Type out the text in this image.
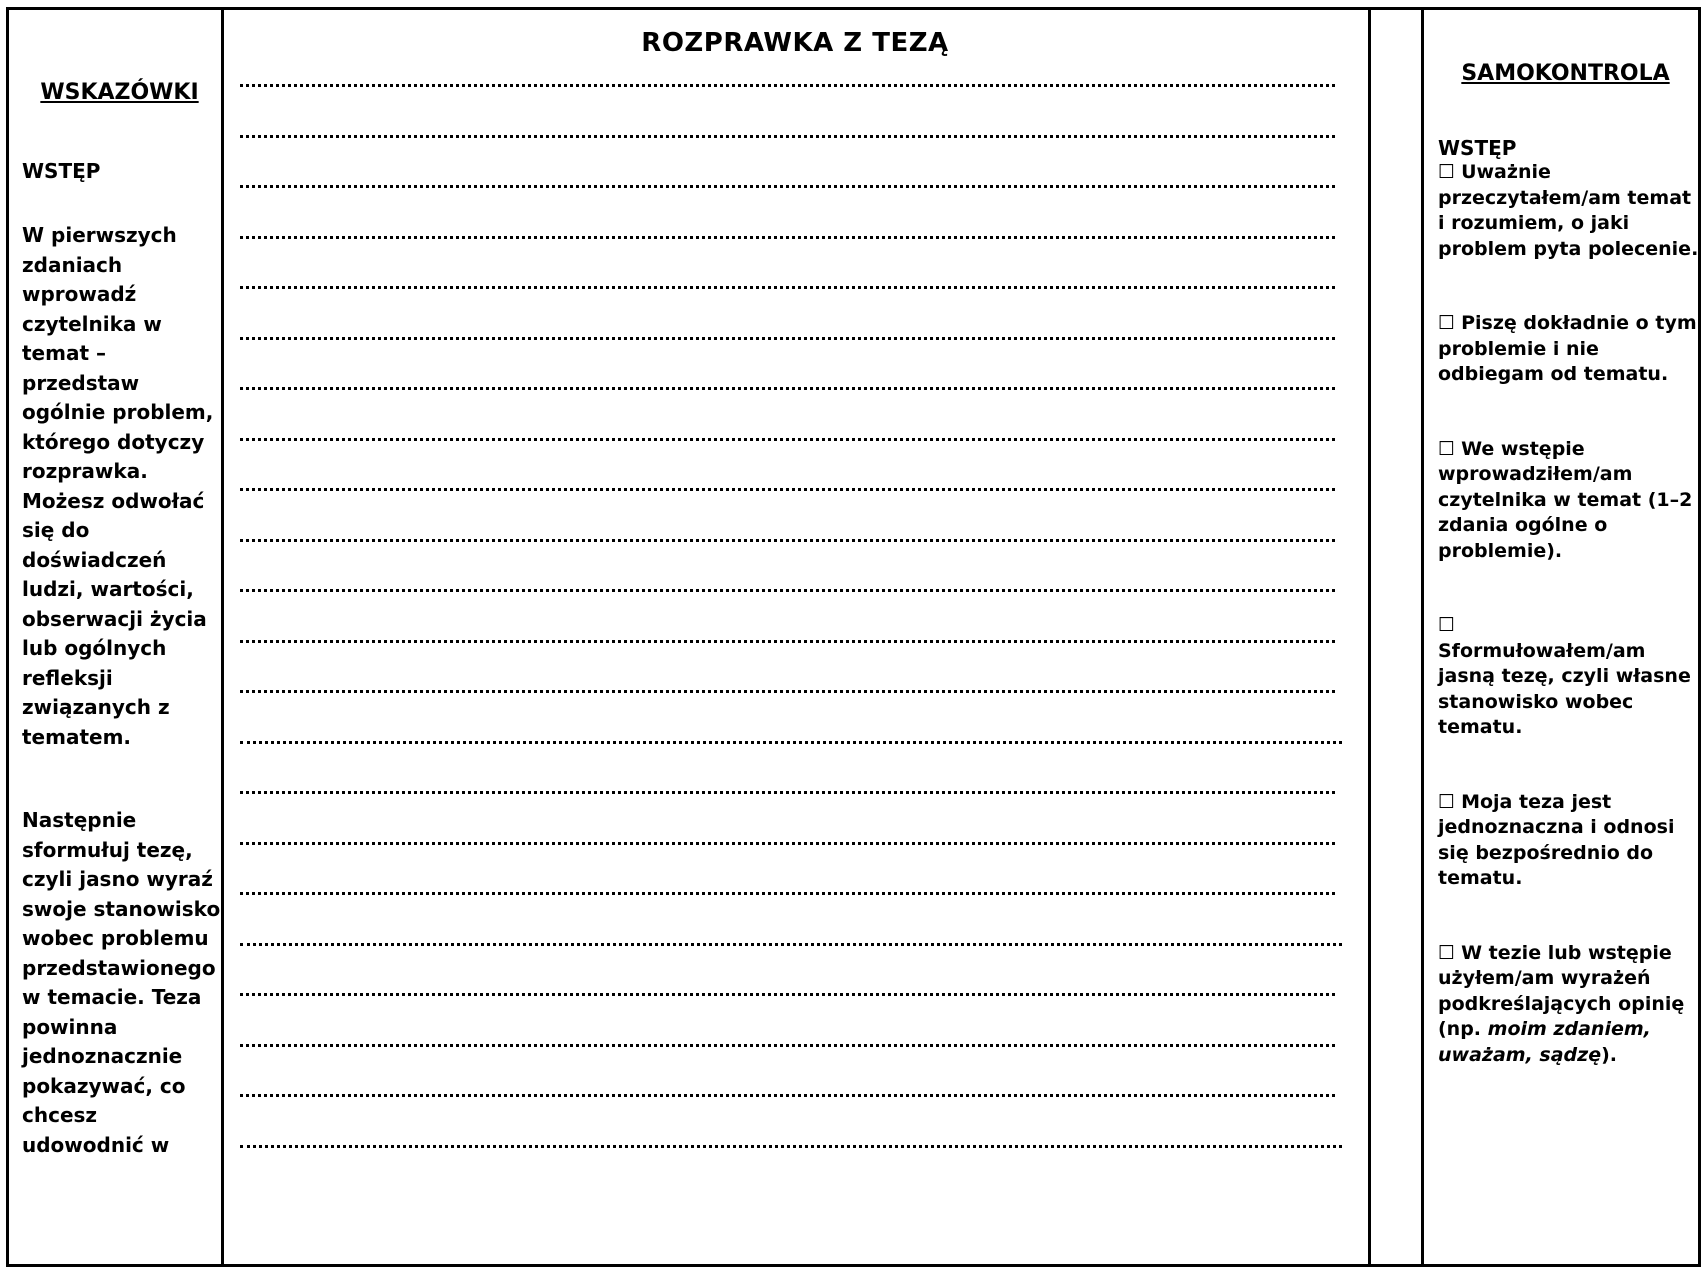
WSKAZÓWKI
WSTĘP
W pierwszych zdaniach wprowadź czytelnika w temat – przedstaw ogólnie problem, którego dotyczy rozprawka. Możesz odwołać się do doświadczeń ludzi, wartości, obserwacji życia lub ogólnych refleksji związanych z tematem.
Następnie sformułuj tezę, czyli jasno wyraź swoje stanowisko wobec problemu przedstawionego w temacie. Teza powinna jednoznacznie pokazywać, co chcesz udowodnić w
ROZPRAWKA Z TEZĄ
SAMOKONTROLA
WSTĘP
☐ Uważnie przeczytałem/am temat i rozumiem, o jaki problem pyta polecenie.
☐ Piszę dokładnie o tym problemie i nie odbiegam od tematu.
☐ We wstępie wprowadziłem/am czytelnika w temat (1–2 zdania ogólne o problemie).
☐
Sformułowałem/am jasną tezę, czyli własne stanowisko wobec tematu.
☐ Moja teza jest jednoznaczna i odnosi się bezpośrednio do tematu.
☐ W tezie lub wstępie użyłem/am wyrażeń podkreślających opinię (np. moim zdaniem, uważam, sądzę).
